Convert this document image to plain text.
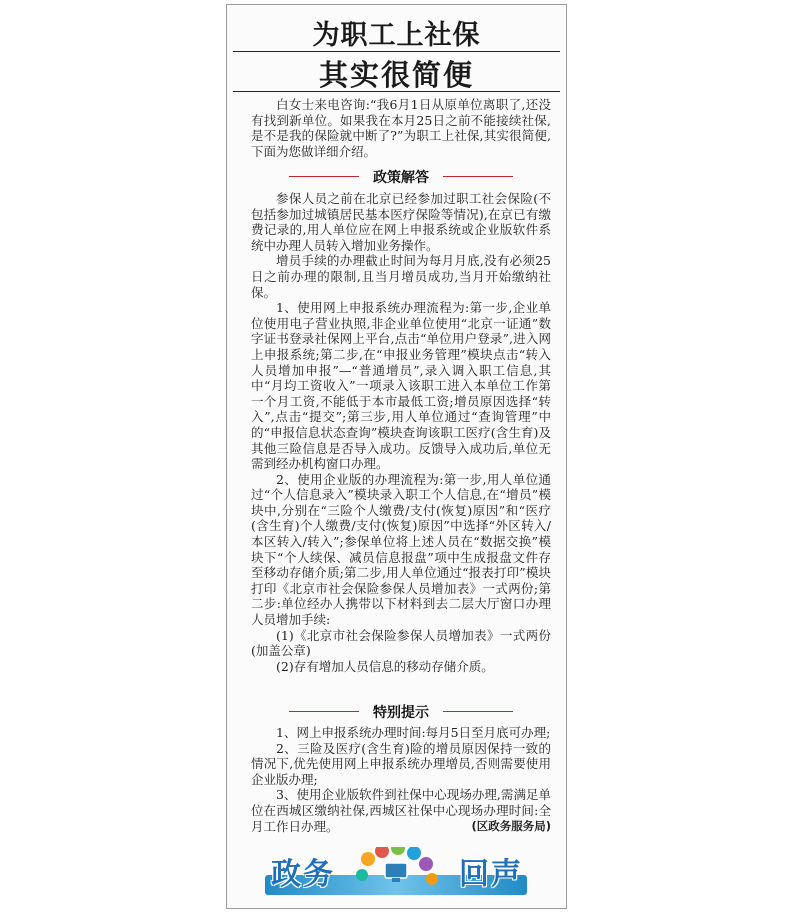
为职工上社保
其实很简便

白女士来电咨询:“我6月1日从原单位离职了,还没有找到新单位。如果我在本月25日之前不能接续社保,是不是我的保险就中断了?”为职工上社保,其实很简便,下面为您做详细介绍。

政策解答

参保人员之前在北京已经参加过职工社会保险(不包括参加过城镇居民基本医疗保险等情况),在京已有缴费记录的,用人单位应在网上申报系统或企业版软件系统中办理人员转入增加业务操作。

增员手续的办理截止时间为每月月底,没有必须25日之前办理的限制,且当月增员成功,当月开始缴纳社保。

1、使用网上申报系统办理流程为:第一步,企业单位使用电子营业执照,非企业单位使用“北京一证通”数字证书登录社保网上平台,点击“单位用户登录”,进入网上申报系统;第二步,在“申报业务管理”模块点击“转入人员增加申报”—“普通增员”,录入调入职工信息,其中“月均工资收入”一项录入该职工进入本单位工作第一个月工资,不能低于本市最低工资;增员原因选择“转入”,点击“提交”;第三步,用人单位通过“查询管理”中的“申报信息状态查询”模块查询该职工医疗(含生育)及其他三险信息是否导入成功。反馈导入成功后,单位无需到经办机构窗口办理。

2、使用企业版的办理流程为:第一步,用人单位通过“个人信息录入”模块录入职工个人信息,在“增员”模块中,分别在“三险个人缴费/支付(恢复)原因”和“医疗(含生育)个人缴费/支付(恢复)原因”中选择“外区转入/本区转入/转入”;参保单位将上述人员在“数据交换”模块下“个人续保、减员信息报盘”项中生成报盘文件存至移动存储介质;第二步,用人单位通过“报表打印”模块打印《北京市社会保险参保人员增加表》一式两份;第二步:单位经办人携带以下材料到去二层大厅窗口办理人员增加手续:

(1)《北京市社会保险参保人员增加表》一式两份(加盖公章)

(2)存有增加人员信息的移动存储介质。

特别提示

1、网上申报系统办理时间:每月5日至月底可办理;

2、三险及医疗(含生育)险的增员原因保持一致的情况下,优先使用网上申报系统办理增员,否则需要使用企业版办理;

3、使用企业版软件到社保中心现场办理,需满足单位在西城区缴纳社保,西城区社保中心现场办理时间:全月工作日办理。	(区政务服务局)

政务	回声
